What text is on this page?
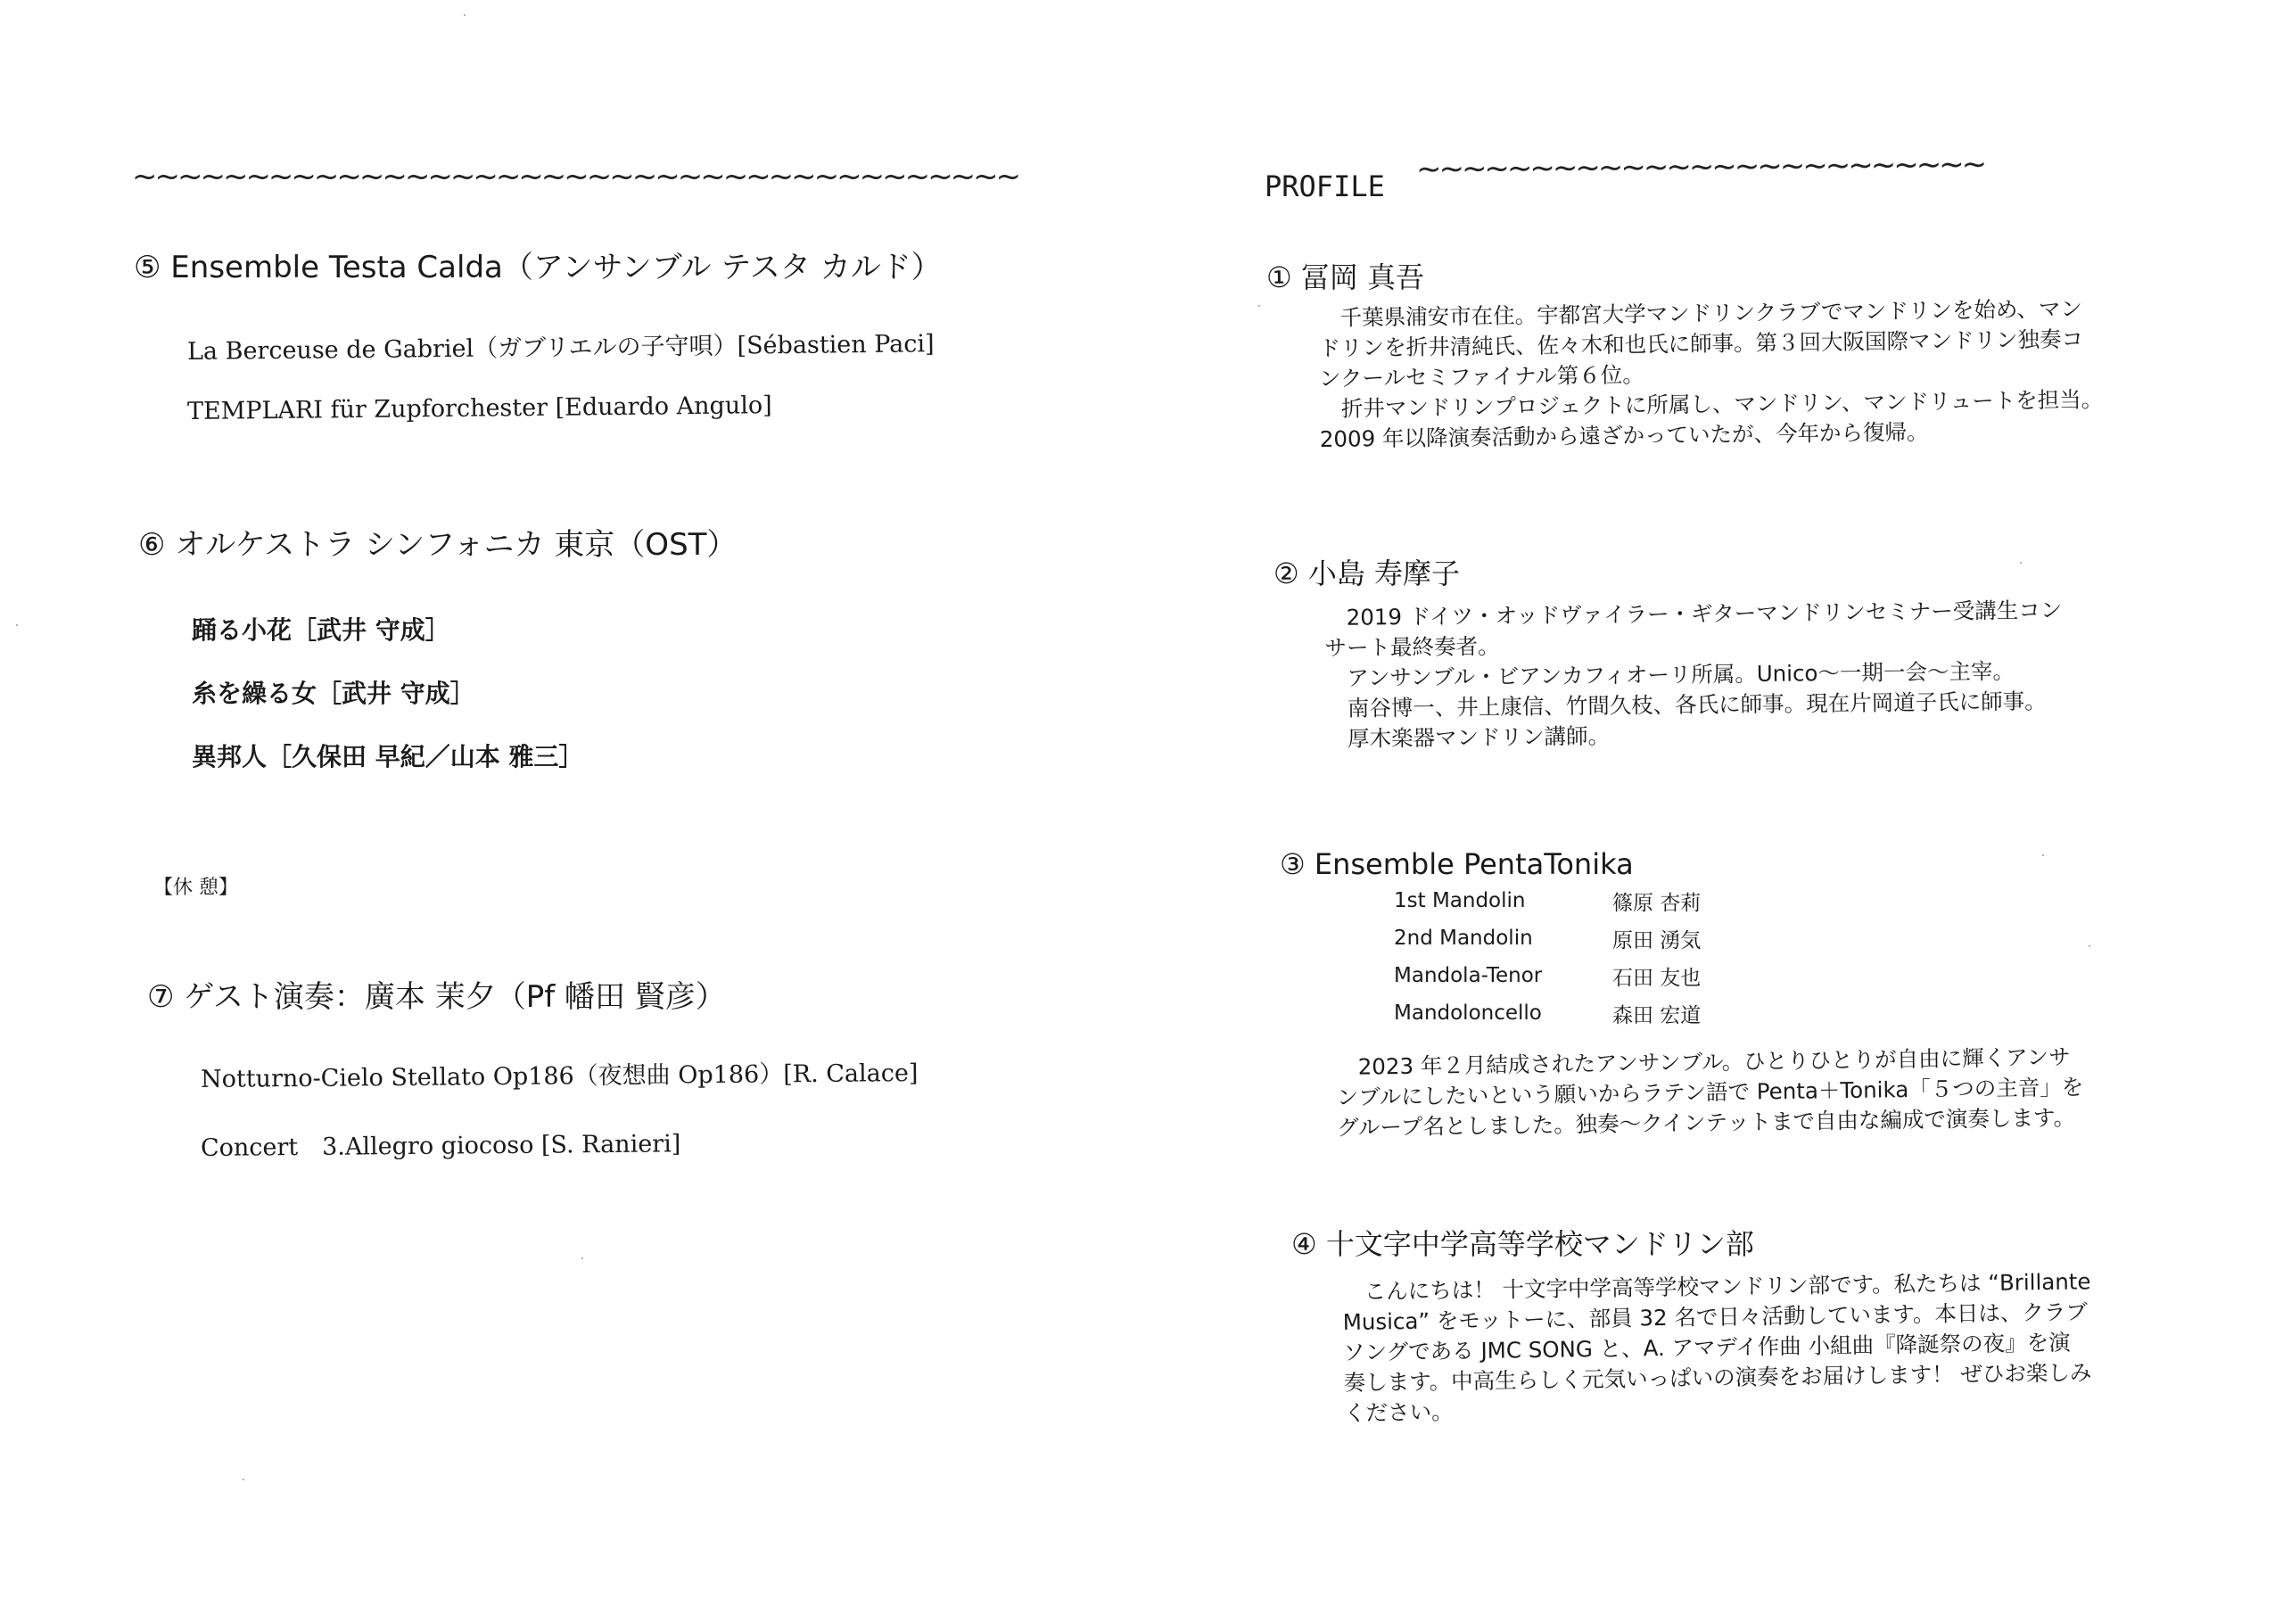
~~~~~~~~~~~~~~~~~~~~~~~~~~~~~~~~~~~~~~~
⑤ Ensemble Testa Calda（アンサンブル テスタ カルド）
La Berceuse de Gabriel（ガブリエルの子守唄）[Sébastien Paci]
TEMPLARI für Zupforchester [Eduardo Angulo]
⑥ オルケストラ シンフォニカ 東京（OST）
踊る小花［武井 守成］
糸を繰る女［武井 守成］
異邦人［久保田 早紀／山本 雅三］
【休 憩】
⑦ ゲスト演奏：廣本 茉夕（Pf 幡田 賢彦）
Notturno-Cielo Stellato Op186（夜想曲 Op186）[R. Calace]
Concert　3.Allegro giocoso [S. Ranieri]
PROFILE ~~~~~~~~~~~~~~~~~~~~~~~~~
① 冨岡 真吾
　千葉県浦安市在住。宇都宮大学マンドリンクラブでマンドリンを始め、マン
ドリンを折井清純氏、佐々木和也氏に師事。第３回大阪国際マンドリン独奏コ
ンクールセミファイナル第６位。
　折井マンドリンプロジェクトに所属し、マンドリン、マンドリュートを担当。
2009 年以降演奏活動から遠ざかっていたが、今年から復帰。
② 小島 寿摩子
　2019 ドイツ・オッドヴァイラー・ギターマンドリンセミナー受講生コン
サート最終奏者。
　アンサンブル・ビアンカフィオーリ所属。Unico〜一期一会〜主宰。
　南谷博一、井上康信、竹間久枝、各氏に師事。現在片岡道子氏に師事。
　厚木楽器マンドリン講師。
③ Ensemble PentaTonika
1st Mandolin	篠原 杏莉
2nd Mandolin	原田 湧気
Mandola-Tenor	石田 友也
Mandoloncello	森田 宏道
　2023 年２月結成されたアンサンブル。ひとりひとりが自由に輝くアンサ
ンブルにしたいという願いからラテン語で Penta＋Tonika「５つの主音」を
グループ名としました。独奏～クインテットまで自由な編成で演奏します。
④ 十文字中学高等学校マンドリン部
　こんにちは！ 十文字中学高等学校マンドリン部です。私たちは “Brillante
Musica” をモットーに、部員 32 名で日々活動しています。本日は、クラブ
ソングである JMC SONG と、A. アマデイ作曲 小組曲『降誕祭の夜』を演
奏します。中高生らしく元気いっぱいの演奏をお届けします！ ぜひお楽しみ
ください。
